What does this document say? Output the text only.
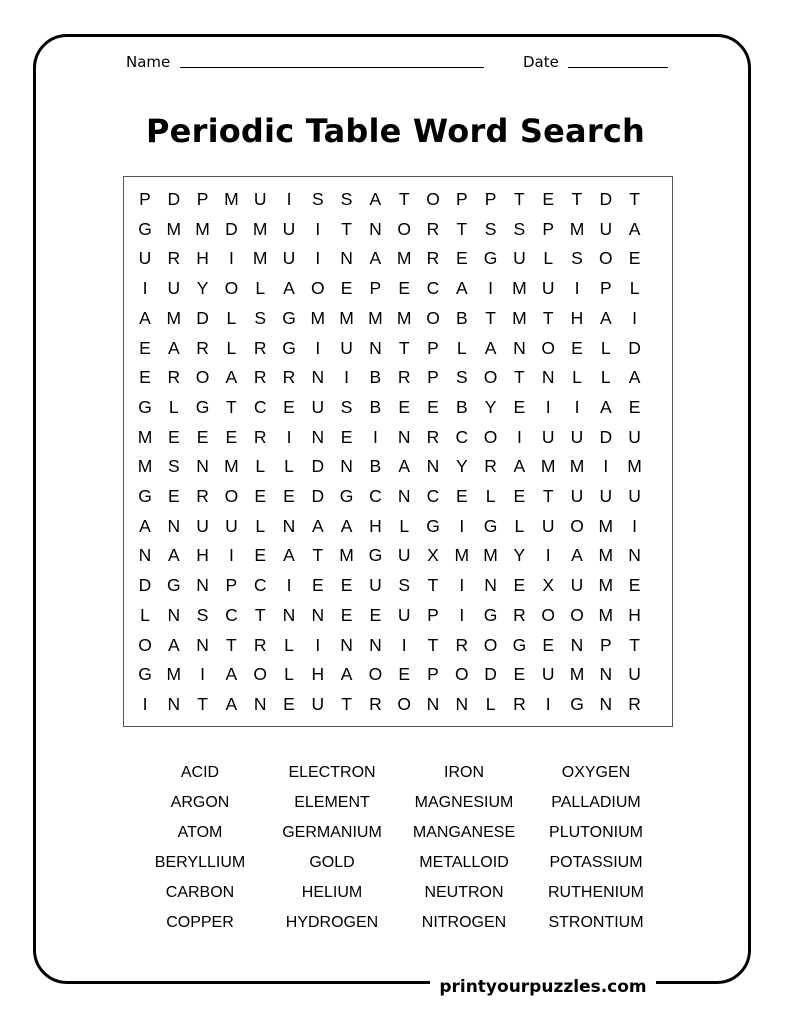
Name	Date
Periodic Table Word Search
P D P M U	I	S S A	T O P P	T	E	T D T
G M M D M U	I	T N O R T	S S P M U A
U R H	I	M U	I	N A M R E G U	L	S O E
I	U Y O L	A O E P E C A	I	M U	I	P	L
A M D	L	S G M M M M O B	T M T H A	I
E A R	L	R G	I	U N T	P	L	A N O E	L	D
E R O A R R N	I	B R P S O T N	L	L	A
G L G T C E U S B E E B Y E	I	I	A E
M E E E R	I	N E	I	N R C O	I	U U D U
M S N M L	L	D N B A N Y R A M M	I	M
G E R O E E D G C N C E	L	E	T U U U
A N U U	L	N A A H	L G	I	G L	U O M	I
N A H	I	E A	T M G U X M M Y	I	A M N
D G N P C	I	E E U S	T	I	N E X U M E
L	N S C T N N E E U P	I	G R O O M H
O A N T R	L	I	N N	I	T R O G E N P	T
G M	I	A O L	H A O E P O D E U M N U
I	N T	A N E U T R O N N	L	R	I	G N R
ACID
ARGON
ATOM
BERYLLIUM
CARBON
COPPER
ELECTRON
ELEMENT
GERMANIUM
GOLD
HELIUM
HYDROGEN
IRON
MAGNESIUM
MANGANESE
METALLOID
NEUTRON
NITROGEN
OXYGEN
PALLADIUM
PLUTONIUM
POTASSIUM
RUTHENIUM
STRONTIUM
printyourpuzzles.com
